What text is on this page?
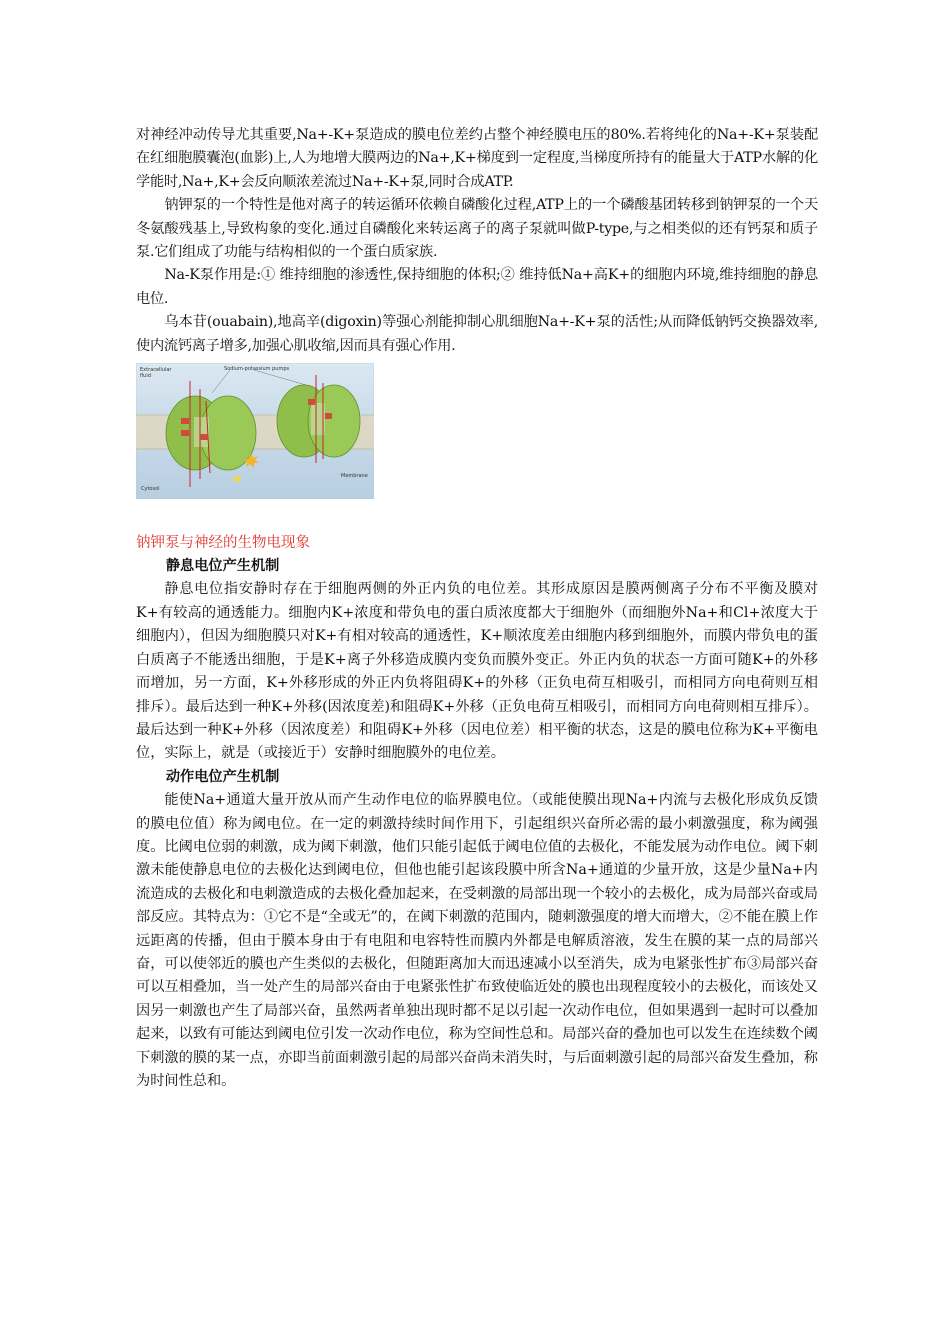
对神经冲动传导尤其重要,Na+-K+泵造成的膜电位差约占整个神经膜电压的80%.若将纯化的Na+-K+泵装配在红细胞膜囊泡(血影)上,人为地增大膜两边的Na+,K+梯度到一定程度,当梯度所持有的能量大于ATP水解的化学能时,Na+,K+会反向顺浓差流过Na+-K+泵,同时合成ATP.

钠钾泵的一个特性是他对离子的转运循环依赖自磷酸化过程,ATP上的一个磷酸基团转移到钠钾泵的一个天冬氨酸残基上,导致构象的变化.通过自磷酸化来转运离子的离子泵就叫做P-type,与之相类似的还有钙泵和质子泵.它们组成了功能与结构相似的一个蛋白质家族.

Na-K泵作用是:① 维持细胞的渗透性,保持细胞的体积;② 维持低Na+高K+的细胞内环境,维持细胞的静息电位.

乌本苷(ouabain),地高辛(digoxin)等强心剂能抑制心肌细胞Na+-K+泵的活性;从而降低钠钙交换器效率,使内流钙离子增多,加强心肌收缩,因而具有强心作用.

Extracellular fluid
Sodium-potassium pumps
Cytosol
Membrane

钠钾泵与神经的生物电现象

静息电位产生机制

静息电位指安静时存在于细胞两侧的外正内负的电位差。其形成原因是膜两侧离子分布不平衡及膜对K+有较高的通透能力。细胞内K+浓度和带负电的蛋白质浓度都大于细胞外（而细胞外Na+和Cl+浓度大于细胞内），但因为细胞膜只对K+有相对较高的通透性，K+顺浓度差由细胞内移到细胞外，而膜内带负电的蛋白质离子不能透出细胞，于是K+离子外移造成膜内变负而膜外变正。外正内负的状态一方面可随K+的外移而增加，另一方面，K+外移形成的外正内负将阻碍K+的外移（正负电荷互相吸引，而相同方向电荷则互相排斥）。最后达到一种K+外移(因浓度差)和阻碍K+外移（正负电荷互相吸引，而相同方向电荷则相互排斥）。最后达到一种K+外移（因浓度差）和阻碍K+外移（因电位差）相平衡的状态，这是的膜电位称为K+平衡电位，实际上，就是（或接近于）安静时细胞膜外的电位差。

动作电位产生机制

能使Na+通道大量开放从而产生动作电位的临界膜电位。（或能使膜出现Na+内流与去极化形成负反馈的膜电位值）称为阈电位。在一定的刺激持续时间作用下，引起组织兴奋所必需的最小刺激强度，称为阈强度。比阈电位弱的刺激，成为阈下刺激，他们只能引起低于阈电位值的去极化，不能发展为动作电位。阈下刺激未能使静息电位的去极化达到阈电位，但他也能引起该段膜中所含Na+通道的少量开放，这是少量Na+内流造成的去极化和电刺激造成的去极化叠加起来，在受刺激的局部出现一个较小的去极化，成为局部兴奋或局部反应。其特点为：①它不是“全或无”的，在阈下刺激的范围内，随刺激强度的增大而增大，②不能在膜上作远距离的传播，但由于膜本身由于有电阻和电容特性而膜内外都是电解质溶液，发生在膜的某一点的局部兴奋，可以使邻近的膜也产生类似的去极化，但随距离加大而迅速减小以至消失，成为电紧张性扩布③局部兴奋可以互相叠加，当一处产生的局部兴奋由于电紧张性扩布致使临近处的膜也出现程度较小的去极化，而该处又因另一刺激也产生了局部兴奋，虽然两者单独出现时都不足以引起一次动作电位，但如果遇到一起时可以叠加起来，以致有可能达到阈电位引发一次动作电位，称为空间性总和。局部兴奋的叠加也可以发生在连续数个阈下刺激的膜的某一点，亦即当前面刺激引起的局部兴奋尚未消失时，与后面刺激引起的局部兴奋发生叠加，称为时间性总和。
